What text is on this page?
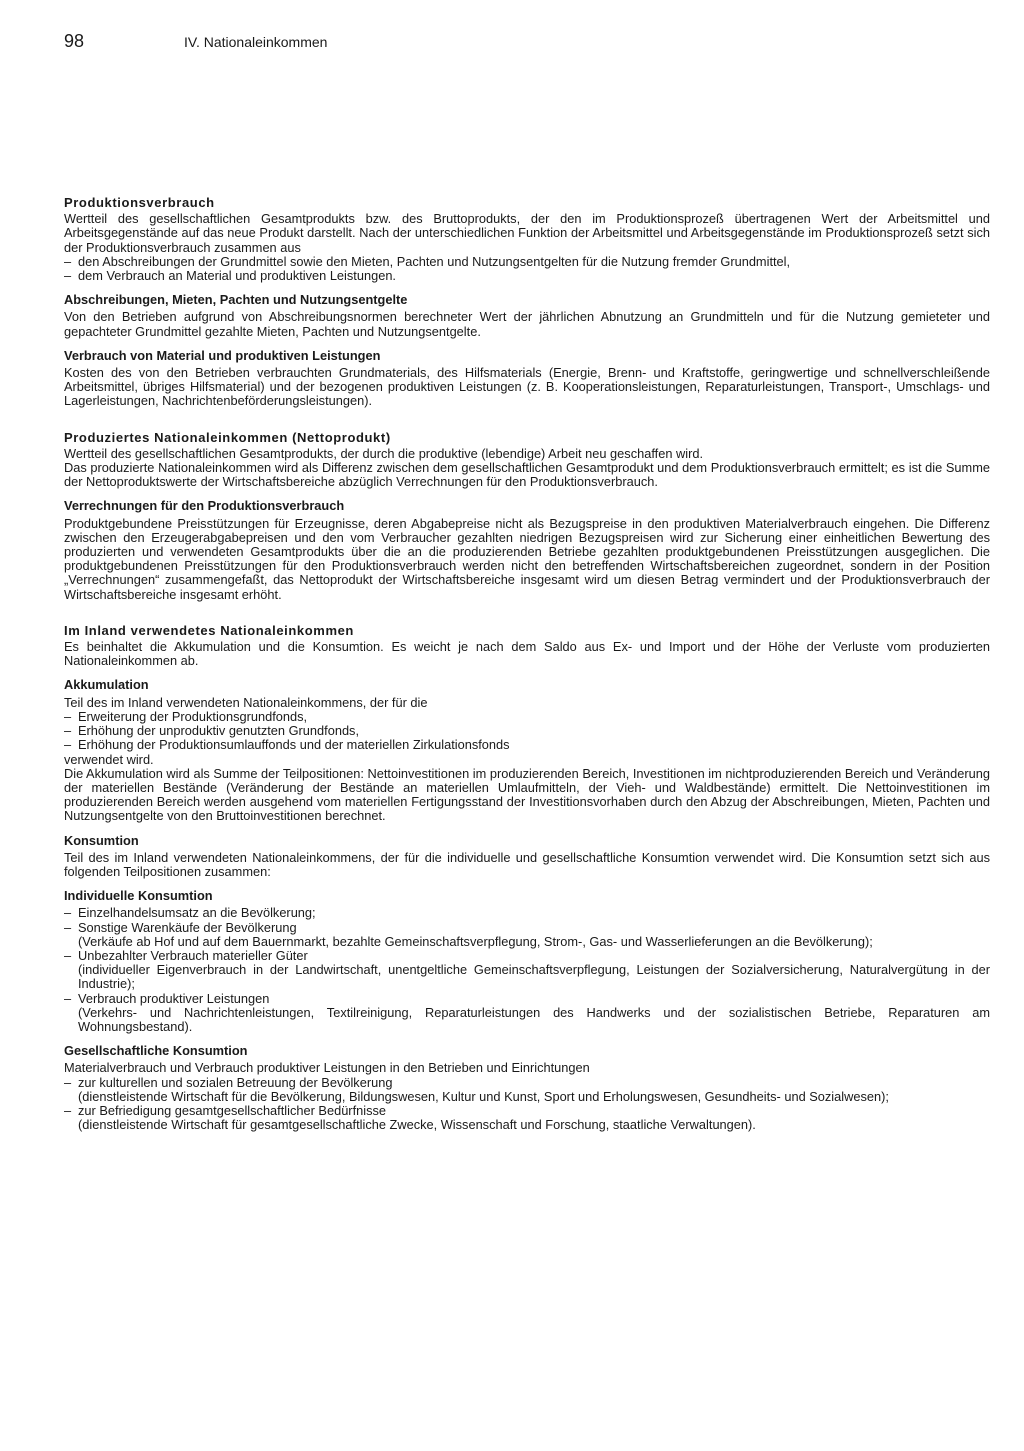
98	IV. Nationaleinkommen

Produktionsverbrauch

Wertteil des gesellschaftlichen Gesamtprodukts bzw. des Bruttoprodukts, der den im Produktionsprozeß übertragenen Wert der Arbeitsmittel und Arbeitsgegenstände auf das neue Produkt darstellt. Nach der unterschiedlichen Funktion der Arbeitsmittel und Arbeitsgegenstände im Produktionsprozeß setzt sich der Produktionsverbrauch zusammen aus

– den Abschreibungen der Grundmittel sowie den Mieten, Pachten und Nutzungsentgelten für die Nutzung fremder Grundmittel,
– dem Verbrauch an Material und produktiven Leistungen.

Abschreibungen, Mieten, Pachten und Nutzungsentgelte

Von den Betrieben aufgrund von Abschreibungsnormen berechneter Wert der jährlichen Abnutzung an Grundmitteln und für die Nutzung gemieteter und gepachteter Grundmittel gezahlte Mieten, Pachten und Nutzungsentgelte.

Verbrauch von Material und produktiven Leistungen

Kosten des von den Betrieben verbrauchten Grundmaterials, des Hilfsmaterials (Energie, Brenn- und Kraftstoffe, geringwertige und schnellverschleißende Arbeitsmittel, übriges Hilfsmaterial) und der bezogenen produktiven Leistungen (z. B. Kooperationsleistungen, Reparaturleistungen, Transport-, Umschlags- und Lagerleistungen, Nachrichtenbeförderungsleistungen).

Produziertes Nationaleinkommen (Nettoprodukt)

Wertteil des gesellschaftlichen Gesamtprodukts, der durch die produktive (lebendige) Arbeit neu geschaffen wird.

Das produzierte Nationaleinkommen wird als Differenz zwischen dem gesellschaftlichen Gesamtprodukt und dem Produktionsverbrauch ermittelt; es ist die Summe der Nettoproduktswerte der Wirtschaftsbereiche abzüglich Verrechnungen für den Produktionsverbrauch.

Verrechnungen für den Produktionsverbrauch

Produktgebundene Preisstützungen für Erzeugnisse, deren Abgabepreise nicht als Bezugspreise in den produktiven Materialverbrauch eingehen. Die Differenz zwischen den Erzeugerabgabepreisen und den vom Verbraucher gezahlten niedrigen Bezugspreisen wird zur Sicherung einer einheitlichen Bewertung des produzierten und verwendeten Gesamtprodukts über die an die produzierenden Betriebe gezahlten produktgebundenen Preisstützungen ausgeglichen. Die produktgebundenen Preisstützungen für den Produktionsverbrauch werden nicht den betreffenden Wirtschaftsbereichen zugeordnet, sondern in der Position „Verrechnungen“ zusammengefaßt, das Nettoprodukt der Wirtschaftsbereiche insgesamt wird um diesen Betrag vermindert und der Produktionsverbrauch der Wirtschaftsbereiche insgesamt erhöht.

Im Inland verwendetes Nationaleinkommen

Es beinhaltet die Akkumulation und die Konsumtion. Es weicht je nach dem Saldo aus Ex- und Import und der Höhe der Verluste vom produzierten Nationaleinkommen ab.

Akkumulation

Teil des im Inland verwendeten Nationaleinkommens, der für die

– Erweiterung der Produktionsgrundfonds,
– Erhöhung der unproduktiv genutzten Grundfonds,
– Erhöhung der Produktionsumlauffonds und der materiellen Zirkulationsfonds

verwendet wird.

Die Akkumulation wird als Summe der Teilpositionen: Nettoinvestitionen im produzierenden Bereich, Investitionen im nichtproduzierenden Bereich und Veränderung der materiellen Bestände (Veränderung der Bestände an materiellen Umlaufmitteln, der Vieh- und Waldbestände) ermittelt. Die Nettoinvestitionen im produzierenden Bereich werden ausgehend vom materiellen Fertigungsstand der Investitionsvorhaben durch den Abzug der Abschreibungen, Mieten, Pachten und Nutzungsentgelte von den Bruttoinvestitionen berechnet.

Konsumtion

Teil des im Inland verwendeten Nationaleinkommens, der für die individuelle und gesellschaftliche Konsumtion verwendet wird. Die Konsumtion setzt sich aus folgenden Teilpositionen zusammen:

Individuelle Konsumtion

– Einzelhandelsumsatz an die Bevölkerung;
– Sonstige Warenkäufe der Bevölkerung
(Verkäufe ab Hof und auf dem Bauernmarkt, bezahlte Gemeinschaftsverpflegung, Strom-, Gas- und Wasserlieferungen an die Bevölkerung);
– Unbezahlter Verbrauch materieller Güter
(individueller Eigenverbrauch in der Landwirtschaft, unentgeltliche Gemeinschaftsverpflegung, Leistungen der Sozialversicherung, Naturalvergütung in der Industrie);
– Verbrauch produktiver Leistungen
(Verkehrs- und Nachrichtenleistungen, Textilreinigung, Reparaturleistungen des Handwerks und der sozialistischen Betriebe, Reparaturen am Wohnungsbestand).

Gesellschaftliche Konsumtion

Materialverbrauch und Verbrauch produktiver Leistungen in den Betrieben und Einrichtungen

– zur kulturellen und sozialen Betreuung der Bevölkerung
(dienstleistende Wirtschaft für die Bevölkerung, Bildungswesen, Kultur und Kunst, Sport und Erholungswesen, Gesundheits- und Sozialwesen);
– zur Befriedigung gesamtgesellschaftlicher Bedürfnisse
(dienstleistende Wirtschaft für gesamtgesellschaftliche Zwecke, Wissenschaft und Forschung, staatliche Verwaltungen).
